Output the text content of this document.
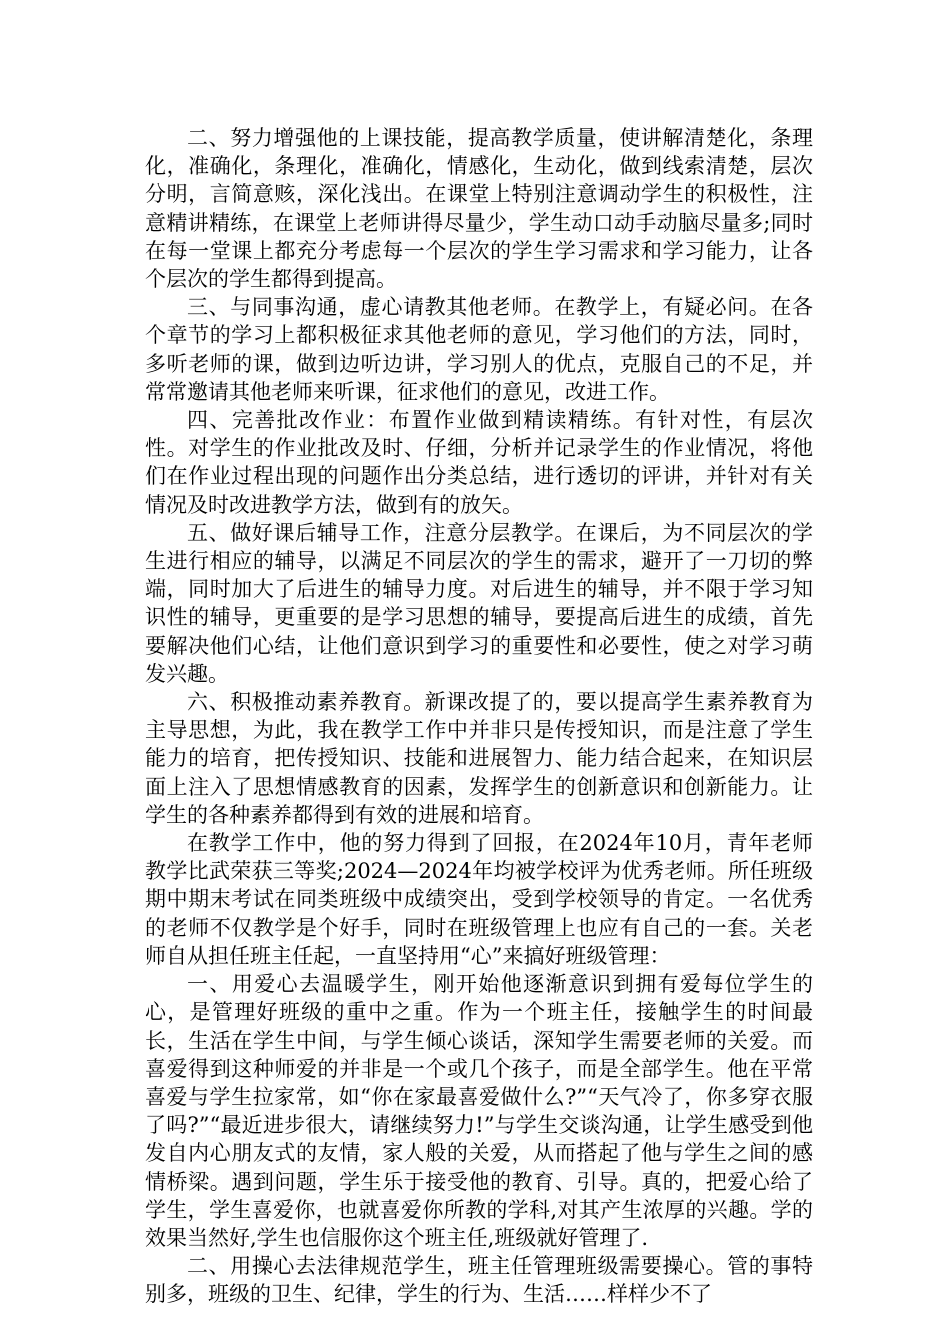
二、努力增强他的上课技能，提高教学质量，使讲解清楚化，条理化，准确化，条理化，准确化，情感化，生动化，做到线索清楚，层次分明，言简意赅，深化浅出。在课堂上特别注意调动学生的积极性，注意精讲精练，在课堂上老师讲得尽量少，学生动口动手动脑尽量多;同时在每一堂课上都充分考虑每一个层次的学生学习需求和学习能力，让各个层次的学生都得到提高。

三、与同事沟通，虚心请教其他老师。在教学上，有疑必问。在各个章节的学习上都积极征求其他老师的意见，学习他们的方法，同时，多听老师的课，做到边听边讲，学习别人的优点，克服自己的不足，并常常邀请其他老师来听课，征求他们的意见，改进工作。

四、完善批改作业：布置作业做到精读精练。有针对性，有层次性。对学生的作业批改及时、仔细，分析并记录学生的作业情况，将他们在作业过程出现的问题作出分类总结，进行透切的评讲，并针对有关情况及时改进教学方法，做到有的放矢。

五、做好课后辅导工作，注意分层教学。在课后，为不同层次的学生进行相应的辅导，以满足不同层次的学生的需求，避开了一刀切的弊端，同时加大了后进生的辅导力度。对后进生的辅导，并不限于学习知识性的辅导，更重要的是学习思想的辅导，要提高后进生的成绩，首先要解决他们心结，让他们意识到学习的重要性和必要性，使之对学习萌发兴趣。

六、积极推动素养教育。新课改提了的，要以提高学生素养教育为主导思想，为此，我在教学工作中并非只是传授知识，而是注意了学生能力的培育，把传授知识、技能和进展智力、能力结合起来，在知识层面上注入了思想情感教育的因素，发挥学生的创新意识和创新能力。让学生的各种素养都得到有效的进展和培育。

在教学工作中，他的努力得到了回报，在2024年10月，青年老师教学比武荣获三等奖;2024—2024年均被学校评为优秀老师。所任班级期中期末考试在同类班级中成绩突出，受到学校领导的肯定。一名优秀的老师不仅教学是个好手，同时在班级管理上也应有自己的一套。关老师自从担任班主任起，一直坚持用“心”来搞好班级管理：

一、用爱心去温暖学生，刚开始他逐渐意识到拥有爱每位学生的心，是管理好班级的重中之重。作为一个班主任，接触学生的时间最长，生活在学生中间，与学生倾心谈话，深知学生需要老师的关爱。而喜爱得到这种师爱的并非是一个或几个孩子，而是全部学生。他在平常喜爱与学生拉家常，如“你在家最喜爱做什么?”“天气冷了，你多穿衣服了吗?”“最近进步很大，请继续努力!”与学生交谈沟通，让学生感受到他发自内心朋友式的友情，家人般的关爱，从而搭起了他与学生之间的感情桥梁。遇到问题，学生乐于接受他的教育、引导。真的，把爱心给了学生，学生喜爱你，也就喜爱你所教的学科,对其产生浓厚的兴趣。学的效果当然好,学生也信服你这个班主任,班级就好管理了.

二、用操心去法律规范学生，班主任管理班级需要操心。管的事特别多，班级的卫生、纪律，学生的行为、生活……样样少不了
